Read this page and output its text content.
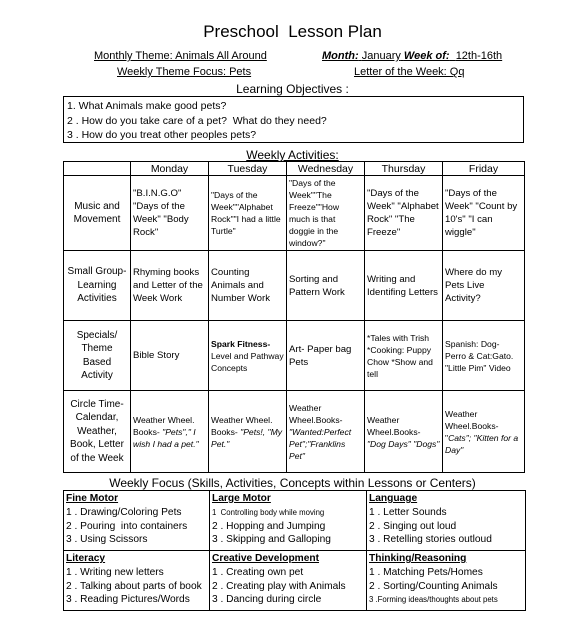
Preschool  Lesson Plan
Monthly Theme: Animals All Around	Month: January Week of: 12th-16th
Weekly Theme Focus: Pets	Letter of the Week: Qq
Learning Objectives :
1. What Animals make good pets?
2 . How do you take care of a pet?  What do they need?
3 . How do you treat other peoples pets?
Weekly Activities:
	Monday	Tuesday	Wednesday	Thursday	Friday
Music and Movement	"B.I.N.G.O" "Days of the Week" "Body Rock"	"Days of the Week""Alphabet Rock""I had a little Turtle"	"Days of the Week""The Freeze""How much is that doggie in the window?"	"Days of the Week" "Alphabet Rock" "The Freeze"	"Days of the Week" "Count by 10's" "I can wiggle"
Small Group- Learning Activities	Rhyming books and Letter of the Week Work	Counting Animals and Number Work	Sorting and Pattern Work	Writing and Identifing Letters	Where do my Pets Live Activity?
Specials/ Theme Based Activity	Bible Story	Spark Fitness- Level and Pathway Concepts	Art- Paper bag Pets	*Tales with Trish *Cooking: Puppy Chow *Show and tell	Spanish: Dog- Perro & Cat:Gato. "Little Pim" Video
Circle Time- Calendar, Weather, Book, Letter of the Week	Weather Wheel. Books- "Pets"," I wish I had a pet."	Weather Wheel. Books- "Pets!, "My Pet."	Weather Wheel.Books- "Wanted:Perfect Pet";"Franklins Pet"	Weather Wheel.Books- "Dog Days" "Dogs"	Weather Wheel.Books- "Cats"; "Kitten for a Day"
Weekly Focus (Skills, Activities, Concepts within Lessons or Centers)
Fine Motor
1 . Drawing/Coloring Pets
2 . Pouring  into containers
3 . Using Scissors	Large Motor
1  Controlling body while moving
2 . Hopping and Jumping
3 . Skipping and Galloping	Language
1 . Letter Sounds
2 . Singing out loud
3 . Retelling stories outloud

Literacy
1 . Writing new letters
2 . Talking about parts of book
3 . Reading Pictures/Words	Creative Development
1 . Creating own pet
2 . Creating play with Animals
3 . Dancing during circle	Thinking/Reasoning
1 . Matching Pets/Homes
2 . Sorting/Counting Animals
3 .Forming ideas/thoughts about pets
